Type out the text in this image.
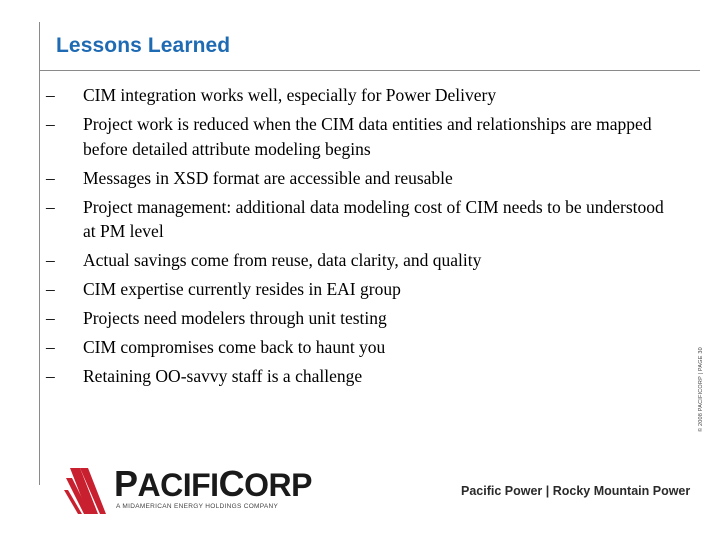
Lessons Learned
– CIM integration works well, especially for Power Delivery
– Project work is reduced when the CIM data entities and relationships are mapped before detailed attribute modeling begins
– Messages in XSD format are accessible and reusable
– Project management: additional data modeling cost of CIM needs to be understood at PM level
– Actual savings come from reuse, data clarity, and quality
– CIM expertise currently resides in EAI group
– Projects need modelers through unit testing
– CIM compromises come back to haunt you
– Retaining OO-savvy staff is a challenge	© 2008 PACIFICORP | PAGE 30
PACIFICORP
A MIDAMERICAN ENERGY HOLDINGS COMPANY
Pacific Power | Rocky Mountain Power
